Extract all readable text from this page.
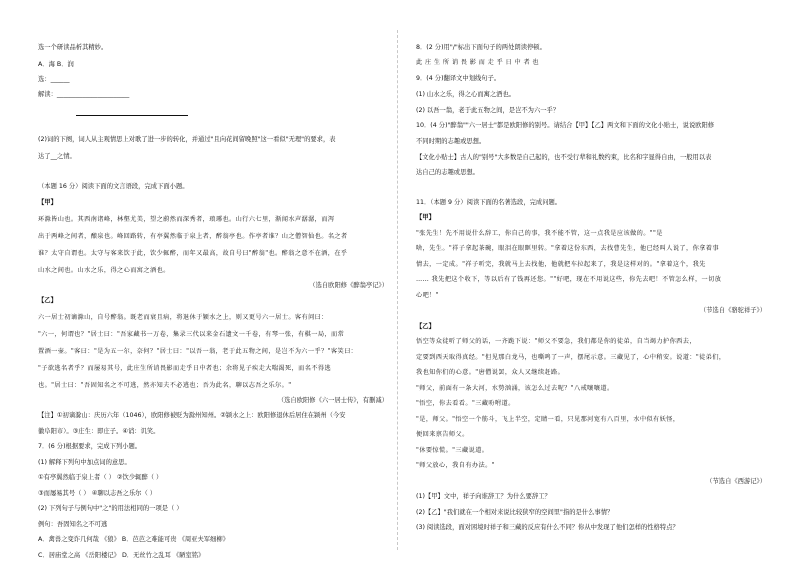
选一个研读品析其精妙。
A．海 B．润
选：______
解读：_______________________
(2)词的下阕，词人从主观情思上对歌了进一步的转化，并通过"且向花间留晚照"这一看似"无理"的要求，表
达了__之情。
（本题 16 分）阅读下面的文言语段，完成下面小题。
【甲】
环滁皆山也。其西南诸峰，林壑尤美，望之蔚然而深秀者，琅琊也。山行六七里，渐闻水声潺潺，而泻
出于两峰之间者，酿泉也。峰回路转，有亭翼然临于泉上者，醉翁亭也。作亭者谁？山之僧智仙也。名之者
谁？太守自谓也。太守与客来饮于此，饮少辄醉，而年又最高，故自号曰"醉翁"也。醉翁之意不在酒，在乎
山水之间也。山水之乐，得之心而寓之酒也。
（选自欧阳修《醉翁亭记》）
【乙】
六一居士初谪滁山，自号醉翁。既老而衰且病，将退休于颍水之上，则又更号六一居士。客有问曰：
"六一，何谓也？"居士曰："吾家藏书一万卷，集录三代以来金石遗文一千卷，有琴一张，有棋一局，而常
置酒一壶。"客曰："是为五一尔，奈何？"居士曰："以吾一翁，老于此五物之间，是岂不为六一乎？"客笑曰：
"子欲逃名者乎？而屡易其号，此庄生所诮畏影而走乎日中者也；余将见子疾走大喘渴死，而名不得逃
也。"居士曰："吾固知名之不可逃，然亦知夫不必逃也；吾为此名，聊以志吾之乐尔。"
（选自欧阳修《六一居士传》，有删减）
【注】①初谪滁山：庆历六年（1046），欧阳修被贬为滁州知州。②颍水之上：欧阳修退休后居住在颍州（今安
徽阜阳市）。③庄生：即庄子。④诮：讥笑。
7．(6 分)根据要求，完成下列小题。
(1) 解释下列句中加点词的意思。
①有亭翼然临于泉上者（ ） ②饮少辄醉（ ）
③而屡易其号（ ） ④聊以志吾之乐尔（ ）
(2) 下列句子与例句中"之"的用法相同的一项是（ ）
例句：吾固知名之不可逃
A．禽兽之变诈几何哉 《狼》 B．芭芭之难能可贵 《周亚夫军细柳》
C．居庙堂之高 《岳阳楼记》 D．无丝竹之乱耳 《陋室铭》
8．(2 分)用"/"标出下面句子的两处朗读停顿。
此 庄 生 所 诮 畏 影 而 走 乎 日 中 者 也
9．(4 分)翻译文中划线句子。
(1) 山水之乐，得之心而寓之酒也。
(2) 以吾一翁，老于此五物之间，是岂不为六一乎？
10．(4 分)"醉翁""六一居士"都是欧阳修的别号。请结合【甲】【乙】两文和下面的文化小贴士，说说欧阳修
不同时期的志趣或思想。
【文化小贴士】古人的"别号"大多数是自己起的，也不受行辈和礼数约束，比名和字显得自由，一般用以表
达自己的志趣或思想。
11．（本题 9 分）阅读下面的名著选段，完成问题。
【甲】
"张先生！先不用说什么辞工，你自己的事，我不能不管，这一点我是应该做的。""是
啥，先生。"祥子拿起茶碗，眼泪在眼眶里转。"拿着这份东西，去找曹先生，他已经叫人说了，你拿着事
情去，一定成。"祥子听完，我就马上去找他，他就把车拉起来了，我是这样对的。"拿着这个，我先
…… 我先把这个收下，等以后有了钱再还您。""好吧，现在不用说这些，你先去吧！不管怎么样，一切放
心吧！"
（节选自《骆驼祥子》）
【乙】
悟空等众徒听了师父的话，一齐跪下说："师父不要急，我们都是你的徒弟，自当竭力护你西去，
定要到西天取得真经。"但见那白龙马，也嘶鸣了一声，摆尾示意。三藏见了，心中稍安。说道："徒弟们，
我也知你们的心意。"唐僧说罢，众人又继续赶路。
"师父，前面有一条大河，水势汹涌，该怎么过去呢？"八戒嚷嚷道。
"悟空，你去看看。"三藏吩咐道。
"是，师父。"悟空一个筋斗，飞上半空，定睛一看，只见那河宽有八百里，水中似有妖怪，
便回来禀告师父。
"休要惊慌。"三藏说道。
"师父放心，我自有办法。"
（节选自《西游记》）
(1)【甲】文中，祥子向谁辞工？为什么要辞工？
(2)【乙】"我们就在一个相对来说比较狭窄的空间里"指的是什么事情？
(3) 阅读选段，面对困境时祥子和三藏的反应有什么不同？你从中发现了他们怎样的性格特点？
